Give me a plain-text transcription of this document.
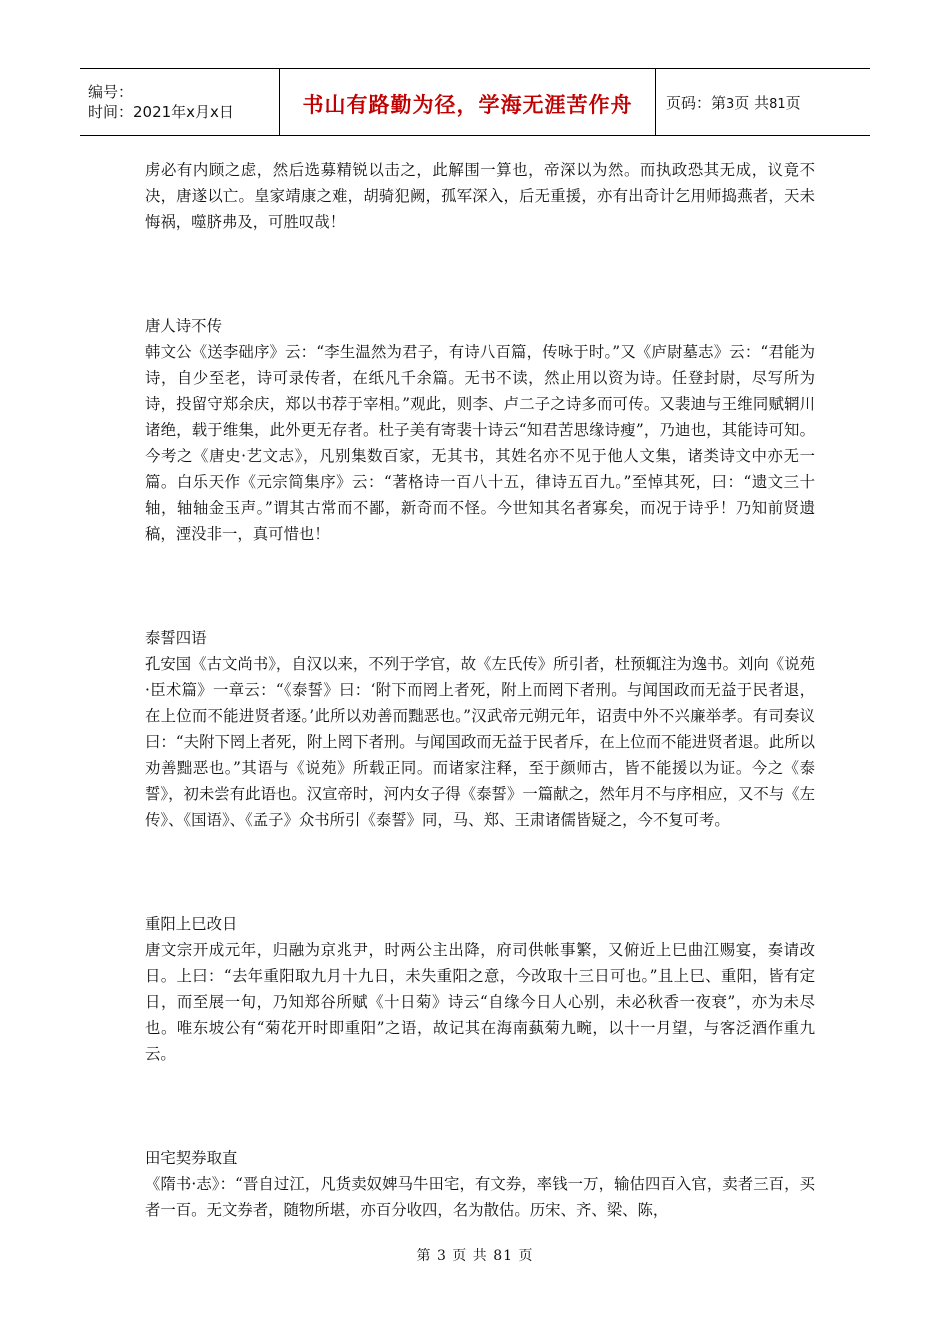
编号：
时间：2021年x月x日	书山有路勤为径，学海无涯苦作舟 页码：第3页 共81页

虏必有内顾之虑，然后选募精锐以击之，此解围一算也，帝深以为然。而执政恐其无成，议竟不决，唐遂以亡。皇家靖康之难，胡骑犯阙，孤军深入，后无重援，亦有出奇计乞用师捣燕者，天未悔祸，噬脐弗及，可胜叹哉！

唐人诗不传

韩文公《送李础序》云：“李生温然为君子，有诗八百篇，传咏于时。”又《庐尉墓志》云：“君能为诗，自少至老，诗可录传者，在纸凡千余篇。无书不读，然止用以资为诗。任登封尉，尽写所为诗，投留守郑余庆，郑以书荐于宰相。”观此，则李、卢二子之诗多而可传。又裴迪与王维同赋辋川诸绝，载于维集，此外更无存者。杜子美有寄裴十诗云“知君苦思缘诗瘦”，乃迪也，其能诗可知。今考之《唐史·艺文志》，凡别集数百家，无其书，其姓名亦不见于他人文集，诸类诗文中亦无一篇。白乐天作《元宗简集序》云：“著格诗一百八十五，律诗五百九。”至悼其死，曰：“遗文三十轴，轴轴金玉声。”谓其古常而不鄙，新奇而不怪。今世知其名者寡矣，而况于诗乎！乃知前贤遗稿，湮没非一，真可惜也！

泰誓四语

孔安国《古文尚书》，自汉以来，不列于学官，故《左氏传》所引者，杜预辄注为逸书。刘向《说苑·臣术篇》一章云：“《泰誓》曰：‘附下而罔上者死，附上而罔下者刑。与闻国政而无益于民者退，在上位而不能进贤者逐。’此所以劝善而黜恶也。”汉武帝元朔元年，诏责中外不兴廉举孝。有司奏议曰：“夫附下罔上者死，附上罔下者刑。与闻国政而无益于民者斥，在上位而不能进贤者退。此所以劝善黜恶也。”其语与《说苑》所载正同。而诸家注释，至于颜师古，皆不能援以为证。今之《泰誓》，初未尝有此语也。汉宣帝时，河内女子得《泰誓》一篇献之，然年月不与序相应，又不与《左传》、《国语》、《孟子》众书所引《泰誓》同，马、郑、王肃诸儒皆疑之，今不复可考。

重阳上巳改日

唐文宗开成元年，归融为京兆尹，时两公主出降，府司供帐事繁，又俯近上巳曲江赐宴，奏请改日。上曰：“去年重阳取九月十九日，未失重阳之意，今改取十三日可也。”且上巳、重阳，皆有定日，而至展一旬，乃知郑谷所赋《十日菊》诗云“自缘今日人心别，未必秋香一夜衰”，亦为未尽也。唯东坡公有“菊花开时即重阳”之语，故记其在海南蓺菊九畹，以十一月望，与客泛酒作重九云。

田宅契券取直

《隋书·志》：“晋自过江，凡货卖奴婢马牛田宅，有文券，率钱一万，输估四百入官，卖者三百，买者一百。无文券者，随物所堪，亦百分收四，名为散估。历宋、齐、梁、陈，

第 3 页 共 81 页
